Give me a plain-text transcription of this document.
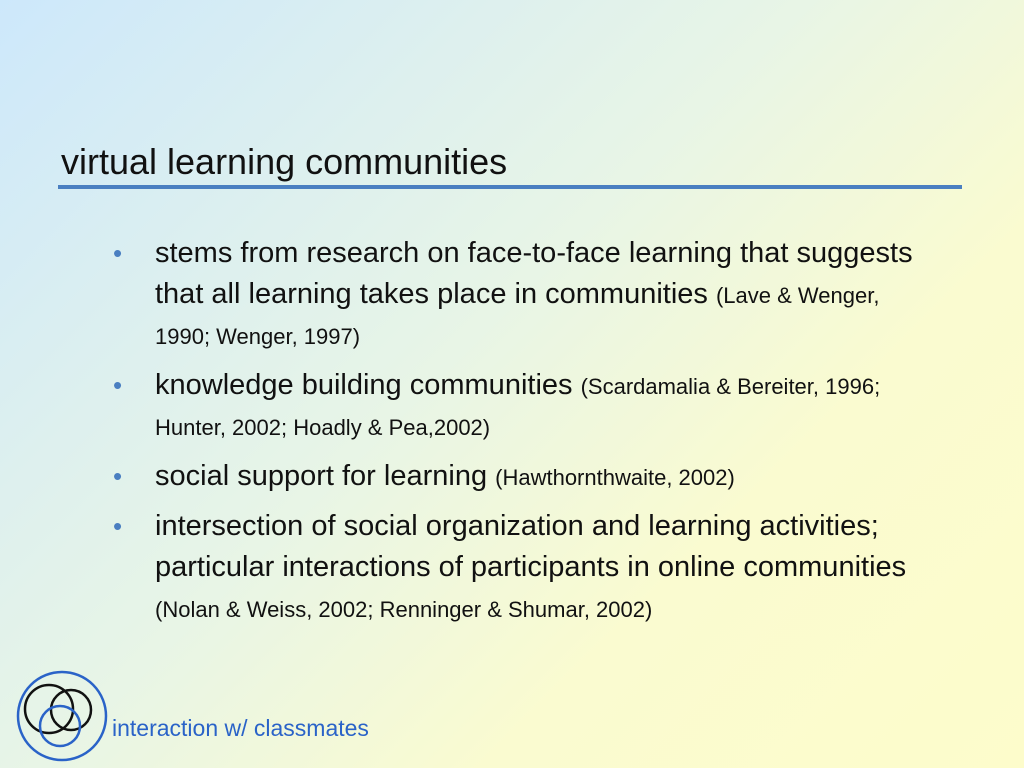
virtual learning communities
• stems from research on face-to-face learning that suggests that all learning takes place in communities (Lave & Wenger, 1990; Wenger, 1997)
• knowledge building communities (Scardamalia & Bereiter, 1996; Hunter, 2002; Hoadly & Pea,2002)
• social support for learning (Hawthornthwaite, 2002)
• intersection of social organization and learning activities; particular interactions of participants in online communities (Nolan & Weiss, 2002; Renninger & Shumar, 2002)
interaction w/ classmates
